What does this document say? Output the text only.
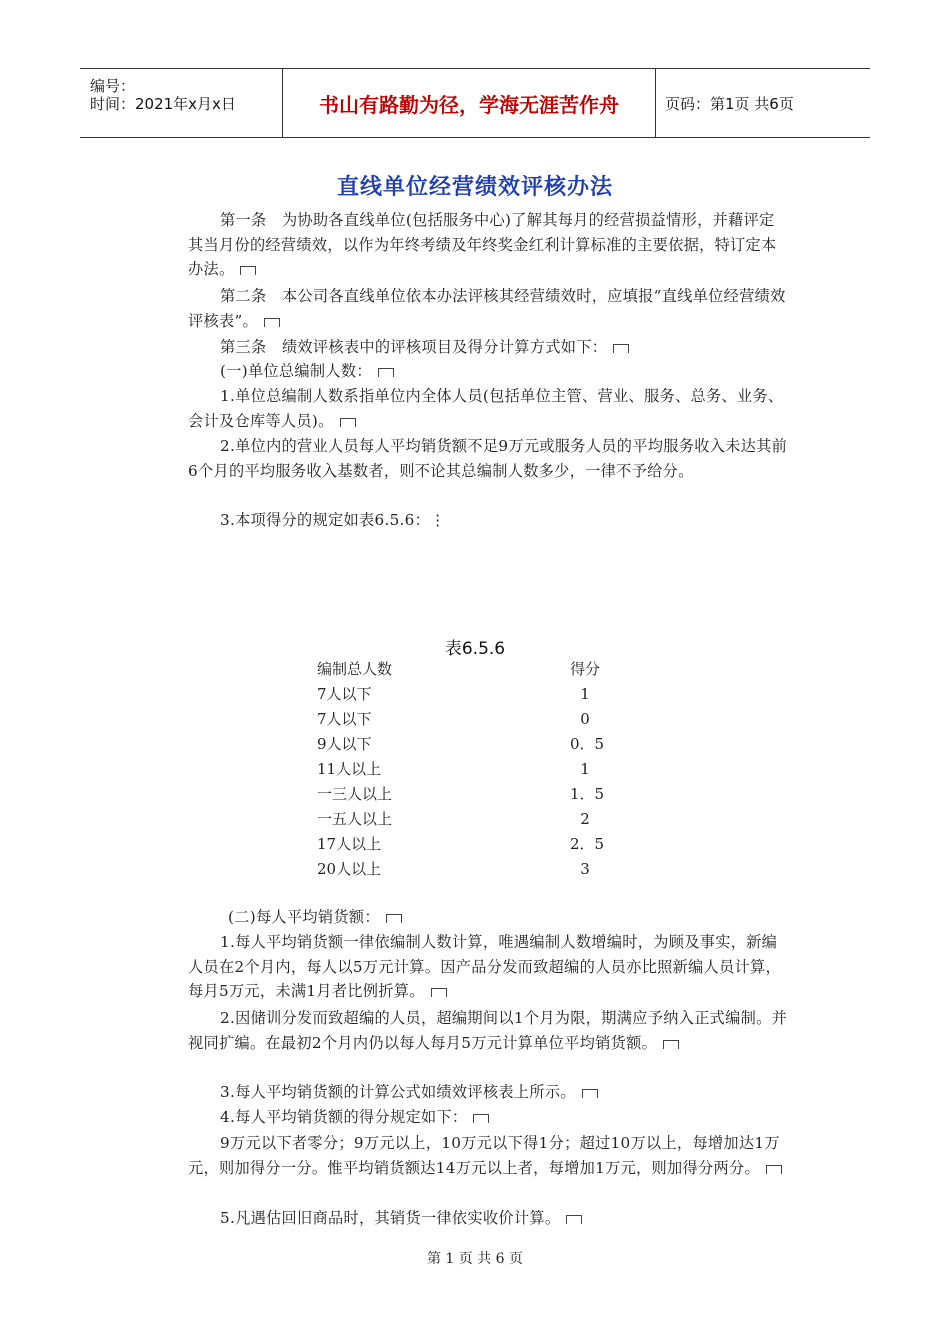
编号：
时间：2021年x月x日	书山有路勤为径，学海无涯苦作舟	页码：第1页 共6页
直线单位经营绩效评核办法

第一条　为协助各直线单位(包括服务中心)了解其每月的经营损益情形，并藉评定其当月份的经营绩效，以作为年终考绩及年终奖金红利计算标准的主要依据，特订定本办法。

第二条　本公司各直线单位依本办法评核其经营绩效时，应填报“直线单位经营绩效评核表”。

第三条　绩效评核表中的评核项目及得分计算方式如下：

(一)单位总编制人数：

1.单位总编制人数系指单位内全体人员(包括单位主管、营业、服务、总务、业务、会计及仓库等人员)。

2.单位内的营业人员每人平均销货额不足9万元或服务人员的平均服务收入未达其前6个月的平均服务收入基数者，则不论其总编制人数多少，一律不予给分。

3.本项得分的规定如表6.5.6：⋮

表6.5.6
编制总人数	得分
7人以下	1
7人以下	0
9人以下	0．5
11人以上	1
一三人以上	1．5
一五人以上	2
17人以上	2．5
20人以上	3

(二)每人平均销货额：

1.每人平均销货额一律依编制人数计算，唯遇编制人数增编时，为顾及事实，新编人员在2个月内，每人以5万元计算。因产品分发而致超编的人员亦比照新编人员计算，每月5万元，未满1月者比例折算。

2.因储训分发而致超编的人员，超编期间以1个月为限，期满应予纳入正式编制。并视同扩编。在最初2个月内仍以每人每月5万元计算单位平均销货额。

3.每人平均销货额的计算公式如绩效评核表上所示。

4.每人平均销货额的得分规定如下：

9万元以下者零分；9万元以上，10万元以下得1分；超过10万以上，每增加达1万元，则加得分一分。惟平均销货额达14万元以上者，每增加1万元，则加得分两分。

5.凡遇估回旧商品时，其销货一律依实收价计算。

第 1 页 共 6 页
